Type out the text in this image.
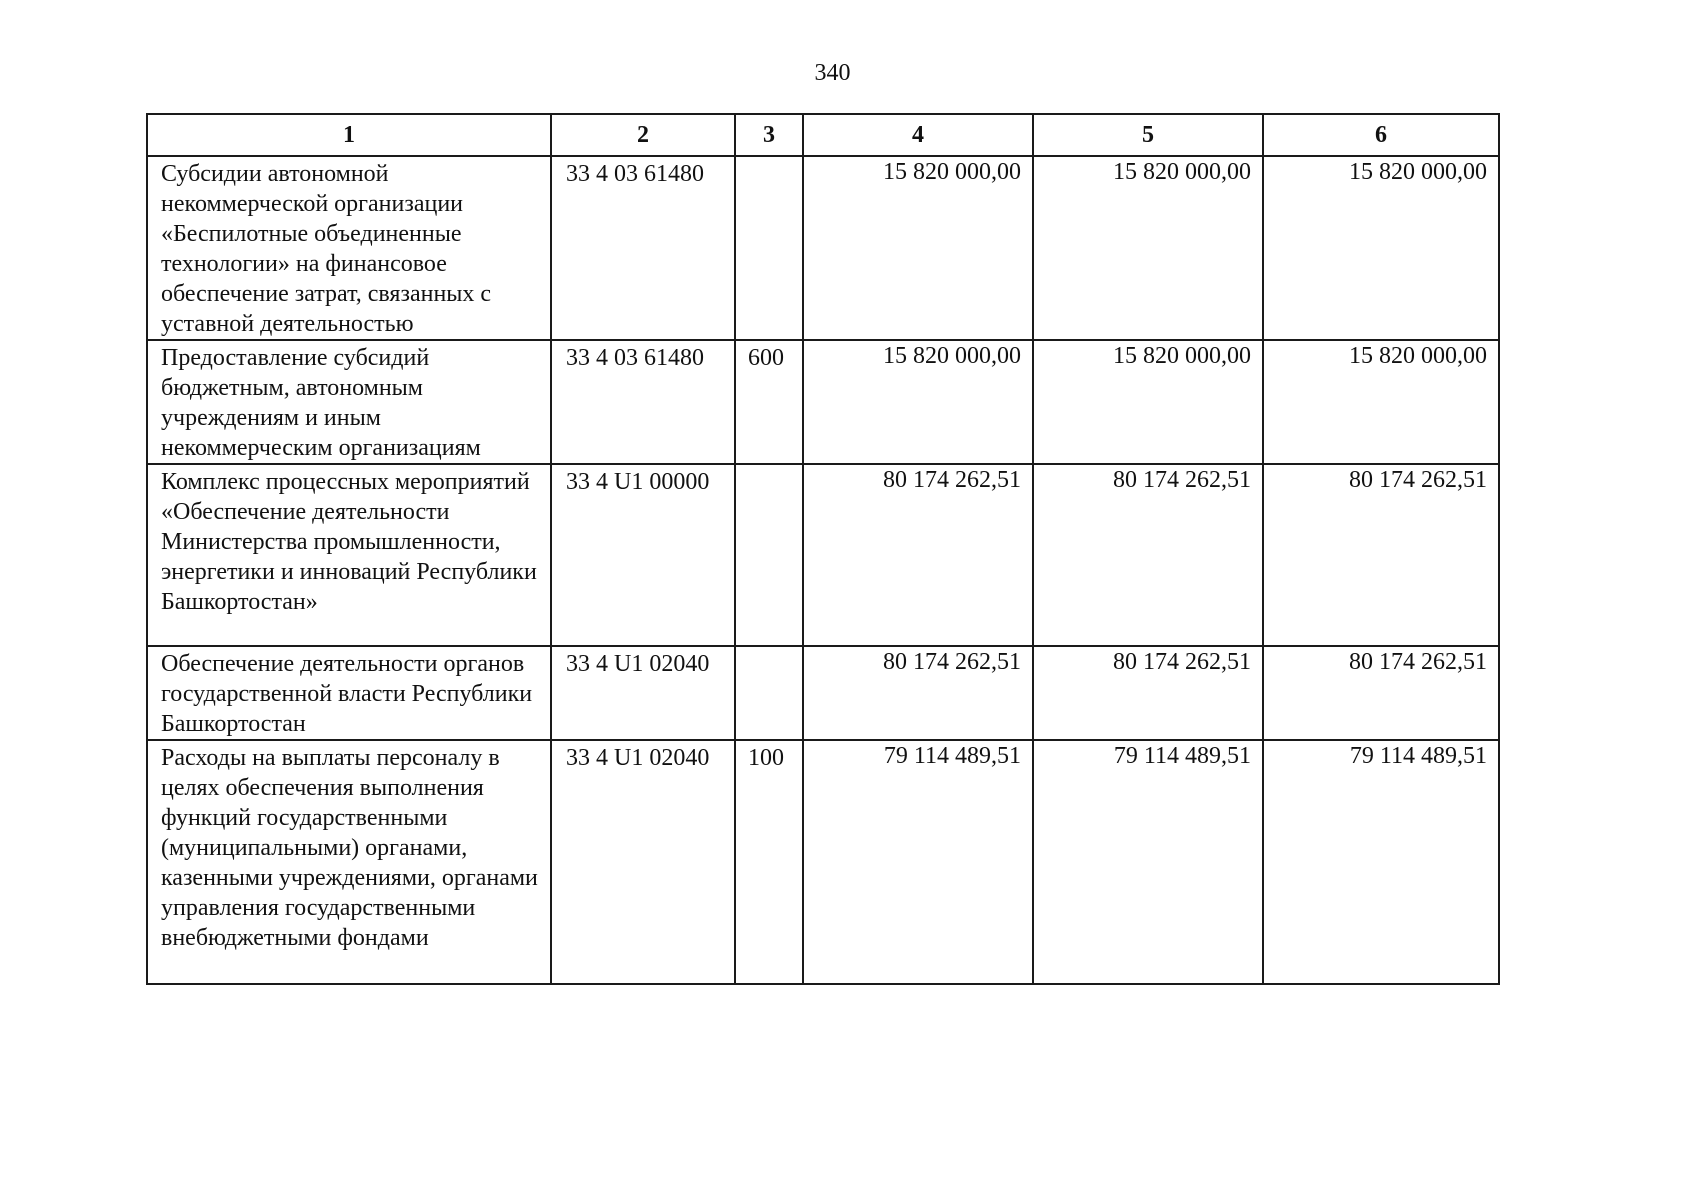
340
1	2	3	4	5	6
Субсидии автономной некоммерческой организации «Беспилотные объединенные технологии» на финансовое обеспечение затрат, связанных с уставной деятельностью	33 4 03 61480		15 820 000,00	15 820 000,00	15 820 000,00
Предоставление субсидий бюджетным, автономным учреждениям и иным некоммерческим организациям	33 4 03 61480	600	15 820 000,00	15 820 000,00	15 820 000,00
Комплекс процессных мероприятий «Обеспечение деятельности Министерства промышленности, энергетики и инноваций Республики Башкортостан»	33 4 U1 00000		80 174 262,51	80 174 262,51	80 174 262,51
Обеспечение деятельности органов государственной власти Республики Башкортостан	33 4 U1 02040		80 174 262,51	80 174 262,51	80 174 262,51
Расходы на выплаты персоналу в целях обеспечения выполнения функций государственными (муниципальными) органами, казенными учреждениями, органами управления государственными внебюджетными фондами	33 4 U1 02040	100	79 114 489,51	79 114 489,51	79 114 489,51
